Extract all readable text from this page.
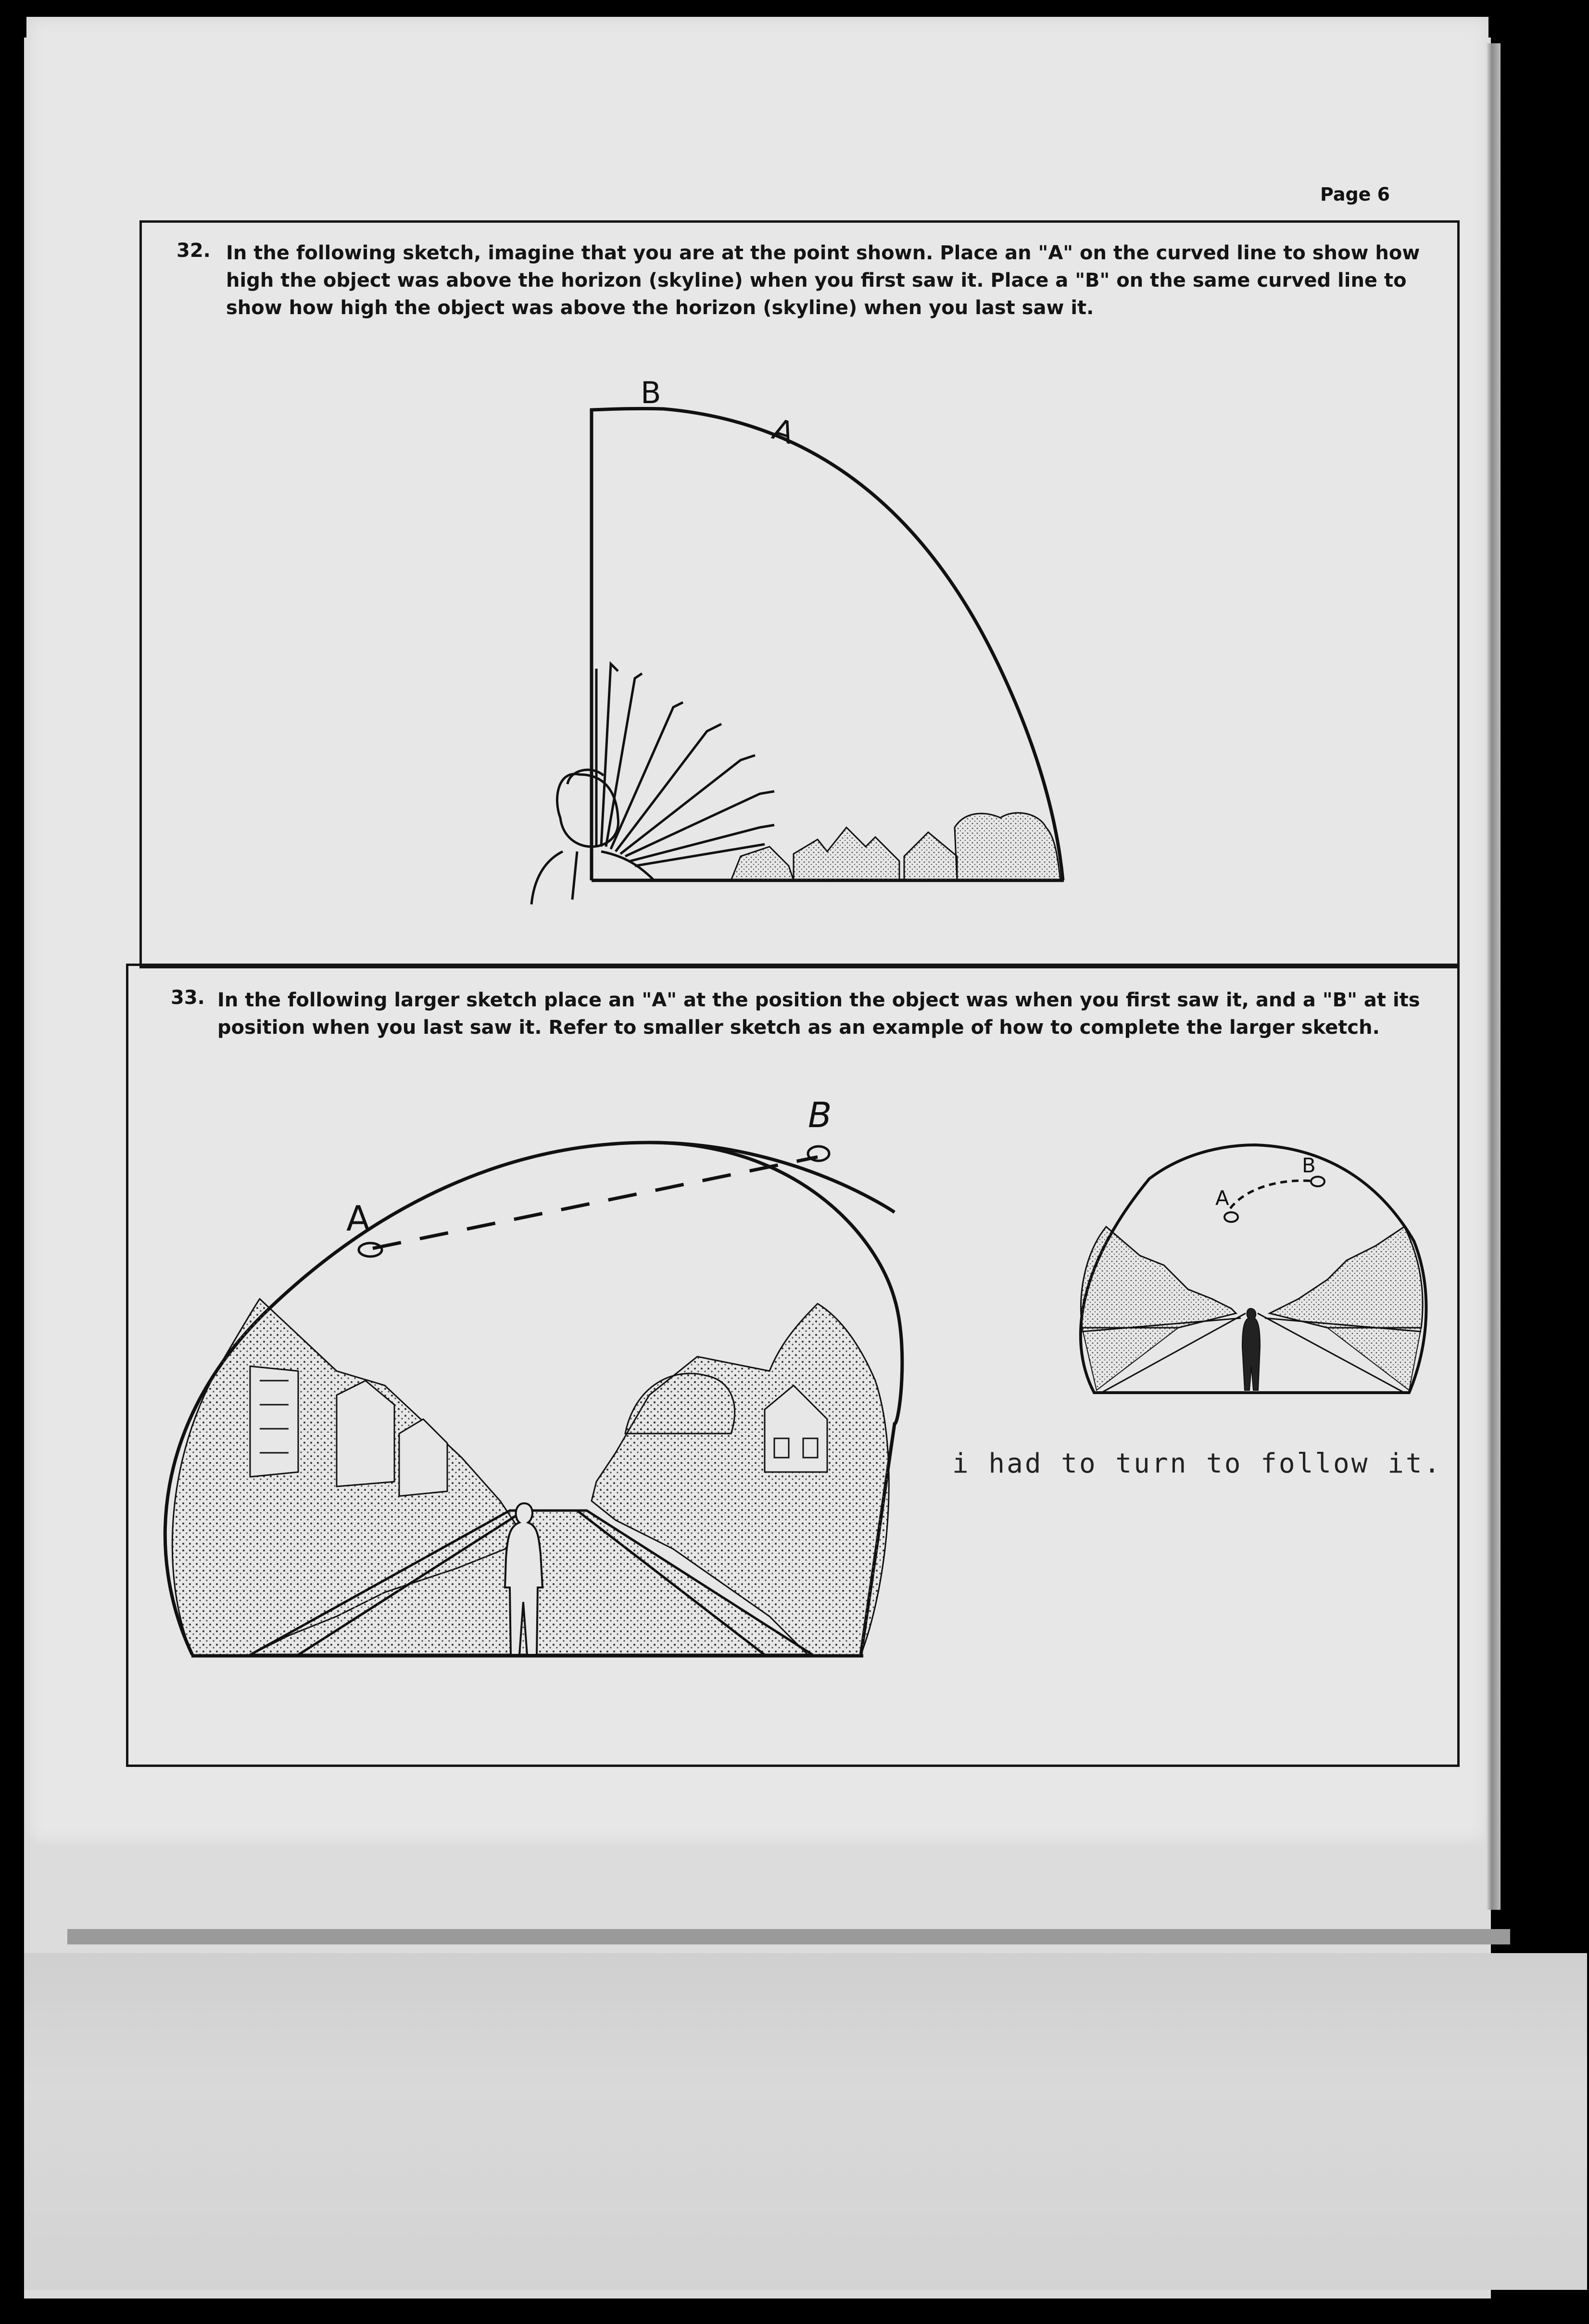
Page 6
32. In the following sketch, imagine that you are at the point shown. Place an "A" on the curved line to show how
high the object was above the horizon (skyline) when you first saw it. Place a "B" on the same curved line to
show how high the object was above the horizon (skyline) when you last saw it.
33. In the following larger sketch place an "A" at the position the object was when you first saw it, and a "B" at its
position when you last saw it. Refer to smaller sketch as an example of how to complete the larger sketch.
B
A
A
B
A
B
i had to turn to follow it.
